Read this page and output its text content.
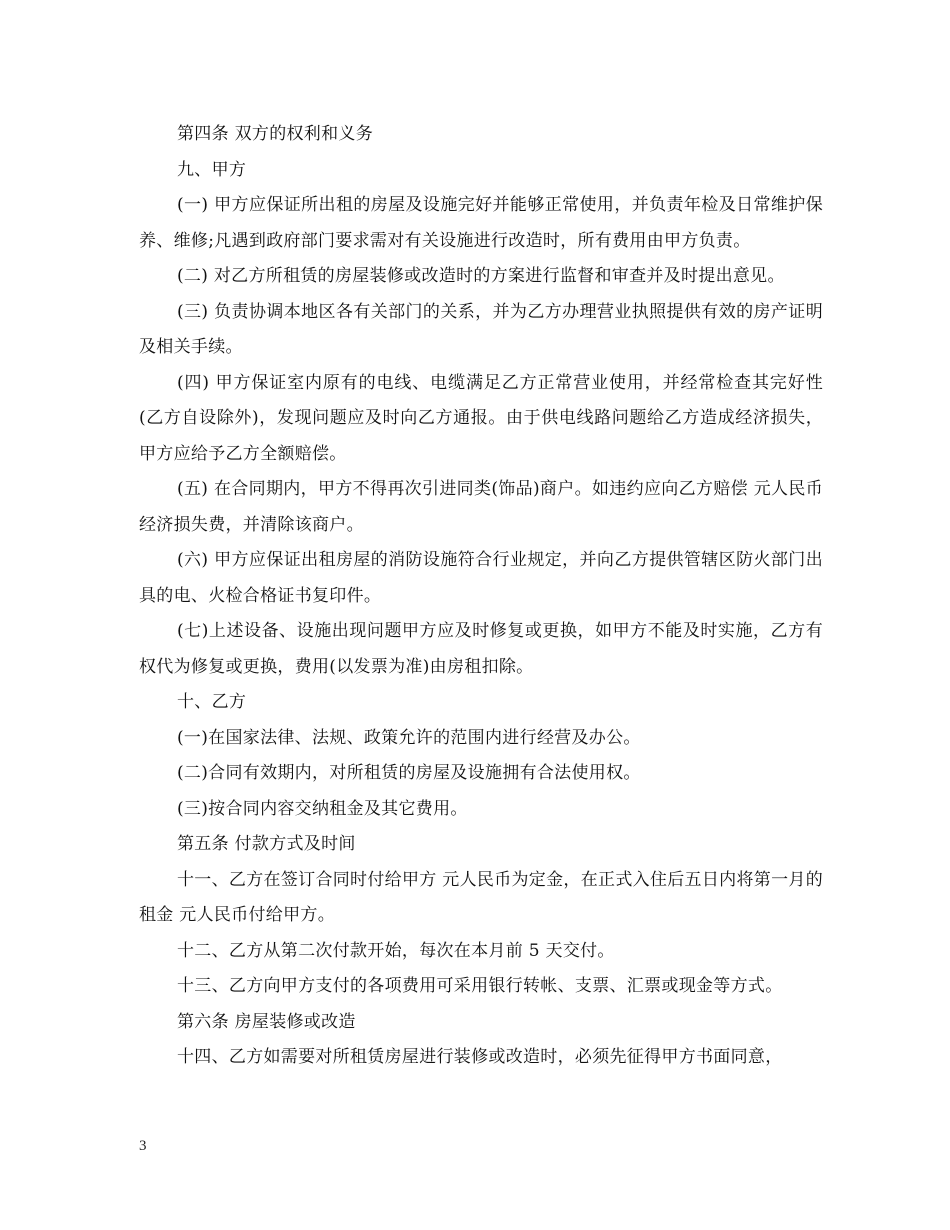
第四条 双方的权利和义务

九、甲方

(一) 甲方应保证所出租的房屋及设施完好并能够正常使用，并负责年检及日常维护保养、维修;凡遇到政府部门要求需对有关设施进行改造时，所有费用由甲方负责。

(二) 对乙方所租赁的房屋装修或改造时的方案进行监督和审查并及时提出意见。

(三) 负责协调本地区各有关部门的关系，并为乙方办理营业执照提供有效的房产证明及相关手续。

(四) 甲方保证室内原有的电线、电缆满足乙方正常营业使用，并经常检查其完好性(乙方自设除外)，发现问题应及时向乙方通报。由于供电线路问题给乙方造成经济损失，甲方应给予乙方全额赔偿。

(五) 在合同期内，甲方不得再次引进同类(饰品)商户。如违约应向乙方赔偿 元人民币经济损失费，并清除该商户。

(六) 甲方应保证出租房屋的消防设施符合行业规定，并向乙方提供管辖区防火部门出具的电、火检合格证书复印件。

(七)上述设备、设施出现问题甲方应及时修复或更换，如甲方不能及时实施，乙方有权代为修复或更换，费用(以发票为准)由房租扣除。

十、乙方

(一)在国家法律、法规、政策允许的范围内进行经营及办公。

(二)合同有效期内，对所租赁的房屋及设施拥有合法使用权。

(三)按合同内容交纳租金及其它费用。

第五条 付款方式及时间

十一、乙方在签订合同时付给甲方 元人民币为定金，在正式入住后五日内将第一月的租金 元人民币付给甲方。

十二、乙方从第二次付款开始，每次在本月前 5 天交付。

十三、乙方向甲方支付的各项费用可采用银行转帐、支票、汇票或现金等方式。

第六条 房屋装修或改造

十四、乙方如需要对所租赁房屋进行装修或改造时，必须先征得甲方书面同意，

3
